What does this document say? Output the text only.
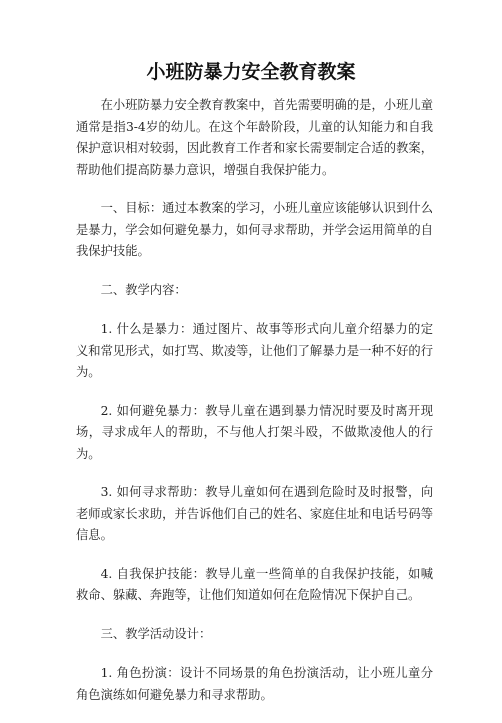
小班防暴力安全教育教案

在小班防暴力安全教育教案中，首先需要明确的是，小班儿童通常是指3-4岁的幼儿。在这个年龄阶段，儿童的认知能力和自我保护意识相对较弱，因此教育工作者和家长需要制定合适的教案，帮助他们提高防暴力意识，增强自我保护能力。

一、目标：通过本教案的学习，小班儿童应该能够认识到什么是暴力，学会如何避免暴力，如何寻求帮助，并学会运用简单的自我保护技能。

二、教学内容：

1. 什么是暴力：通过图片、故事等形式向儿童介绍暴力的定义和常见形式，如打骂、欺凌等，让他们了解暴力是一种不好的行为。

2. 如何避免暴力：教导儿童在遇到暴力情况时要及时离开现场，寻求成年人的帮助，不与他人打架斗殴，不做欺凌他人的行为。

3. 如何寻求帮助：教导儿童如何在遇到危险时及时报警，向老师或家长求助，并告诉他们自己的姓名、家庭住址和电话号码等信息。

4. 自我保护技能：教导儿童一些简单的自我保护技能，如喊救命、躲藏、奔跑等，让他们知道如何在危险情况下保护自己。

三、教学活动设计：

1. 角色扮演：设计不同场景的角色扮演活动，让小班儿童分角色演练如何避免暴力和寻求帮助。
